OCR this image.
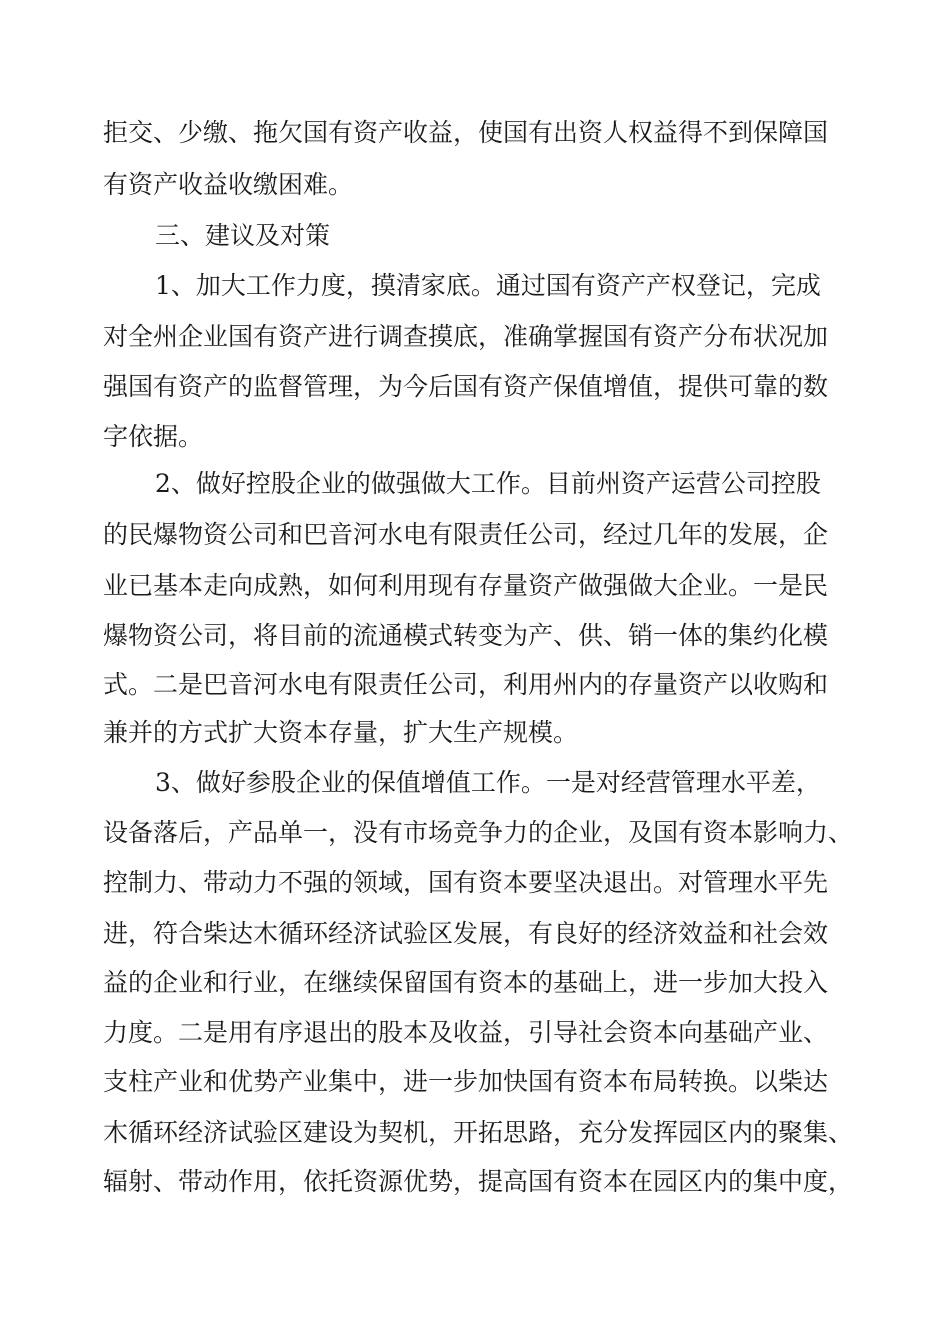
拒交、少缴、拖欠国有资产收益，使国有出资人权益得不到保障国

有资产收益收缴困难。

三、建议及对策

1、加大工作力度，摸清家底。通过国有资产产权登记，完成

对全州企业国有资产进行调查摸底，准确掌握国有资产分布状况加

强国有资产的监督管理，为今后国有资产保值增值，提供可靠的数

字依据。

2、做好控股企业的做强做大工作。目前州资产运营公司控股

的民爆物资公司和巴音河水电有限责任公司，经过几年的发展，企

业已基本走向成熟，如何利用现有存量资产做强做大企业。一是民

爆物资公司，将目前的流通模式转变为产、供、销一体的集约化模

式。二是巴音河水电有限责任公司，利用州内的存量资产以收购和

兼并的方式扩大资本存量，扩大生产规模。

3、做好参股企业的保值增值工作。一是对经营管理水平差，

设备落后，产品单一，没有市场竞争力的企业，及国有资本影响力、

控制力、带动力不强的领域，国有资本要坚决退出。对管理水平先

进，符合柴达木循环经济试验区发展，有良好的经济效益和社会效

益的企业和行业，在继续保留国有资本的基础上，进一步加大投入

力度。二是用有序退出的股本及收益，引导社会资本向基础产业、

支柱产业和优势产业集中，进一步加快国有资本布局转换。以柴达

木循环经济试验区建设为契机，开拓思路，充分发挥园区内的聚集、

辐射、带动作用，依托资源优势，提高国有资本在园区内的集中度，
